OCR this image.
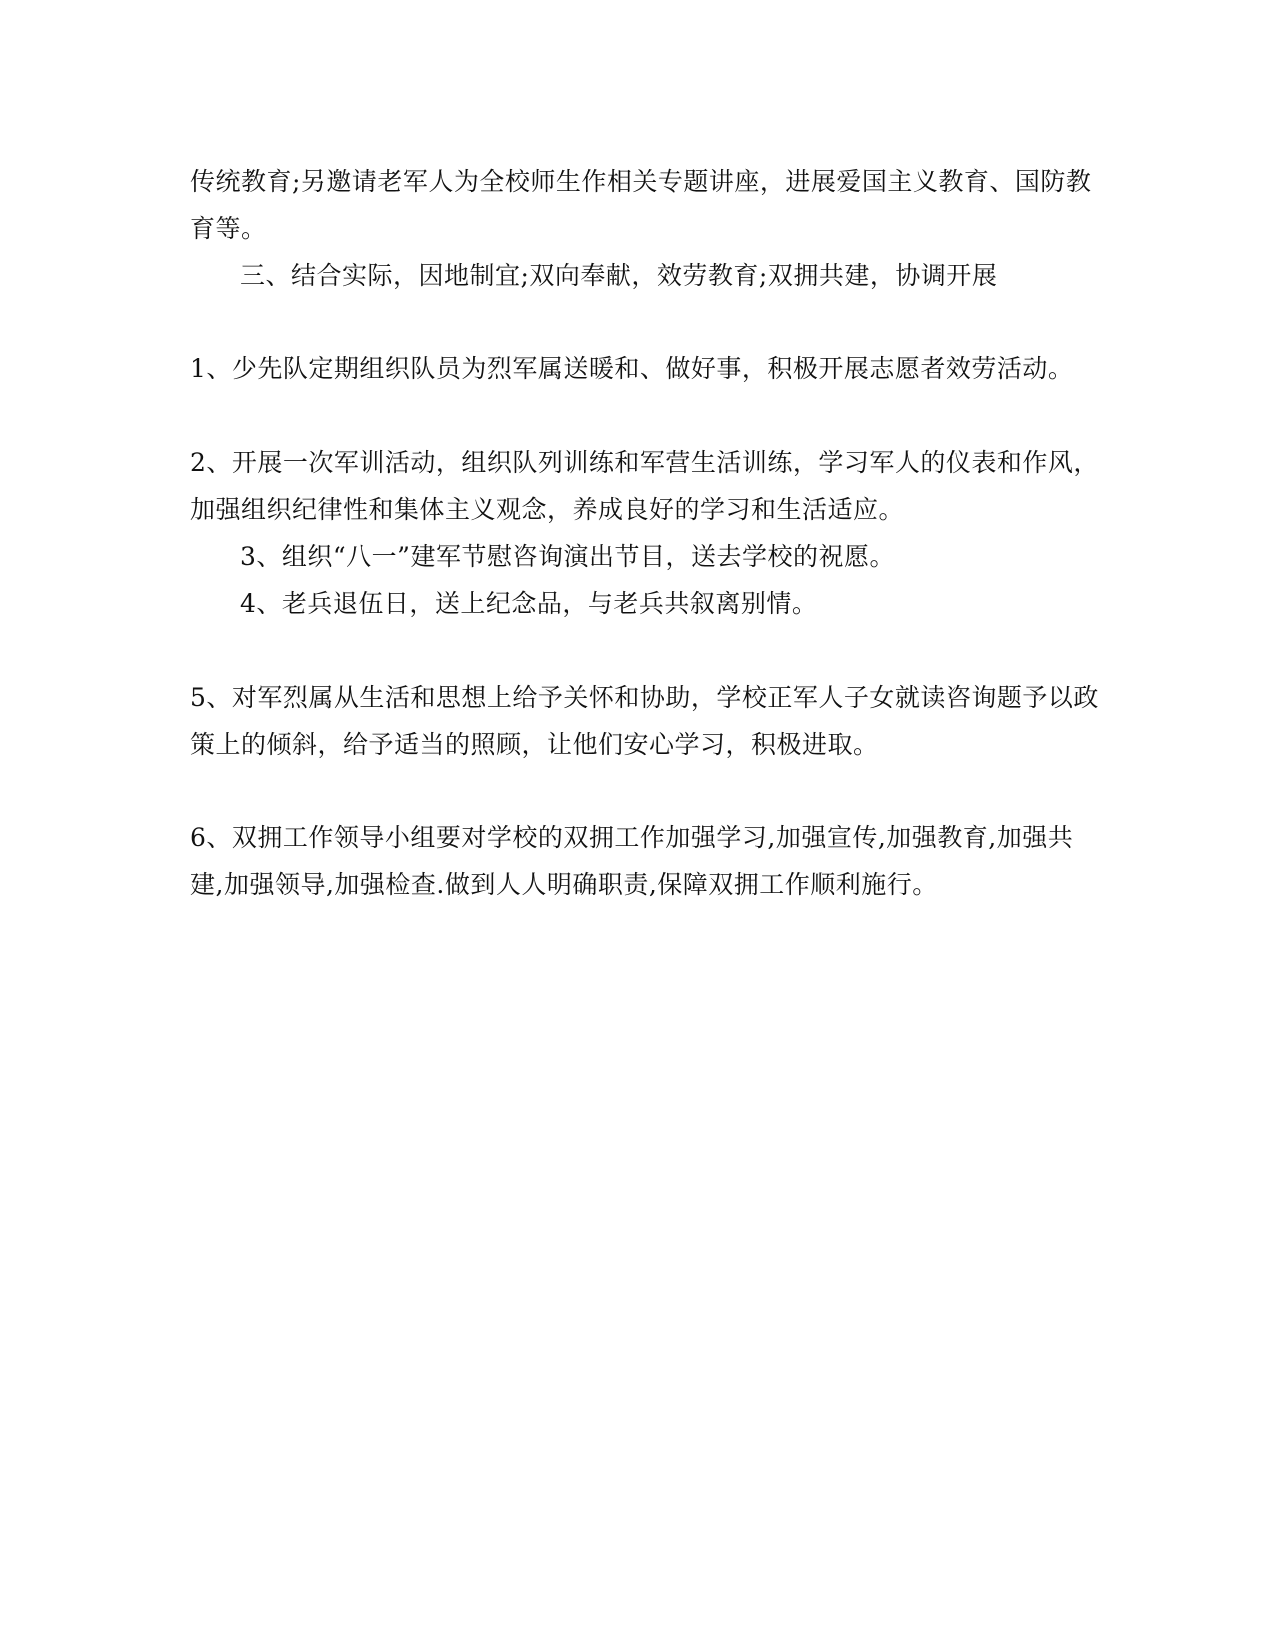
传统教育;另邀请老军人为全校师生作相关专题讲座，进展爱国主义教育、国防教
育等。
三、结合实际，因地制宜;双向奉献，效劳教育;双拥共建，协调开展
1、少先队定期组织队员为烈军属送暖和、做好事，积极开展志愿者效劳活动。
2、开展一次军训活动，组织队列训练和军营生活训练，学习军人的仪表和作风，
加强组织纪律性和集体主义观念，养成良好的学习和生活适应。
3、组织“八一”建军节慰咨询演出节目，送去学校的祝愿。
4、老兵退伍日，送上纪念品，与老兵共叙离别情。
5、对军烈属从生活和思想上给予关怀和协助，学校正军人子女就读咨询题予以政
策上的倾斜，给予适当的照顾，让他们安心学习，积极进取。
6、双拥工作领导小组要对学校的双拥工作加强学习,加强宣传,加强教育,加强共
建,加强领导,加强检查.做到人人明确职责,保障双拥工作顺利施行。
